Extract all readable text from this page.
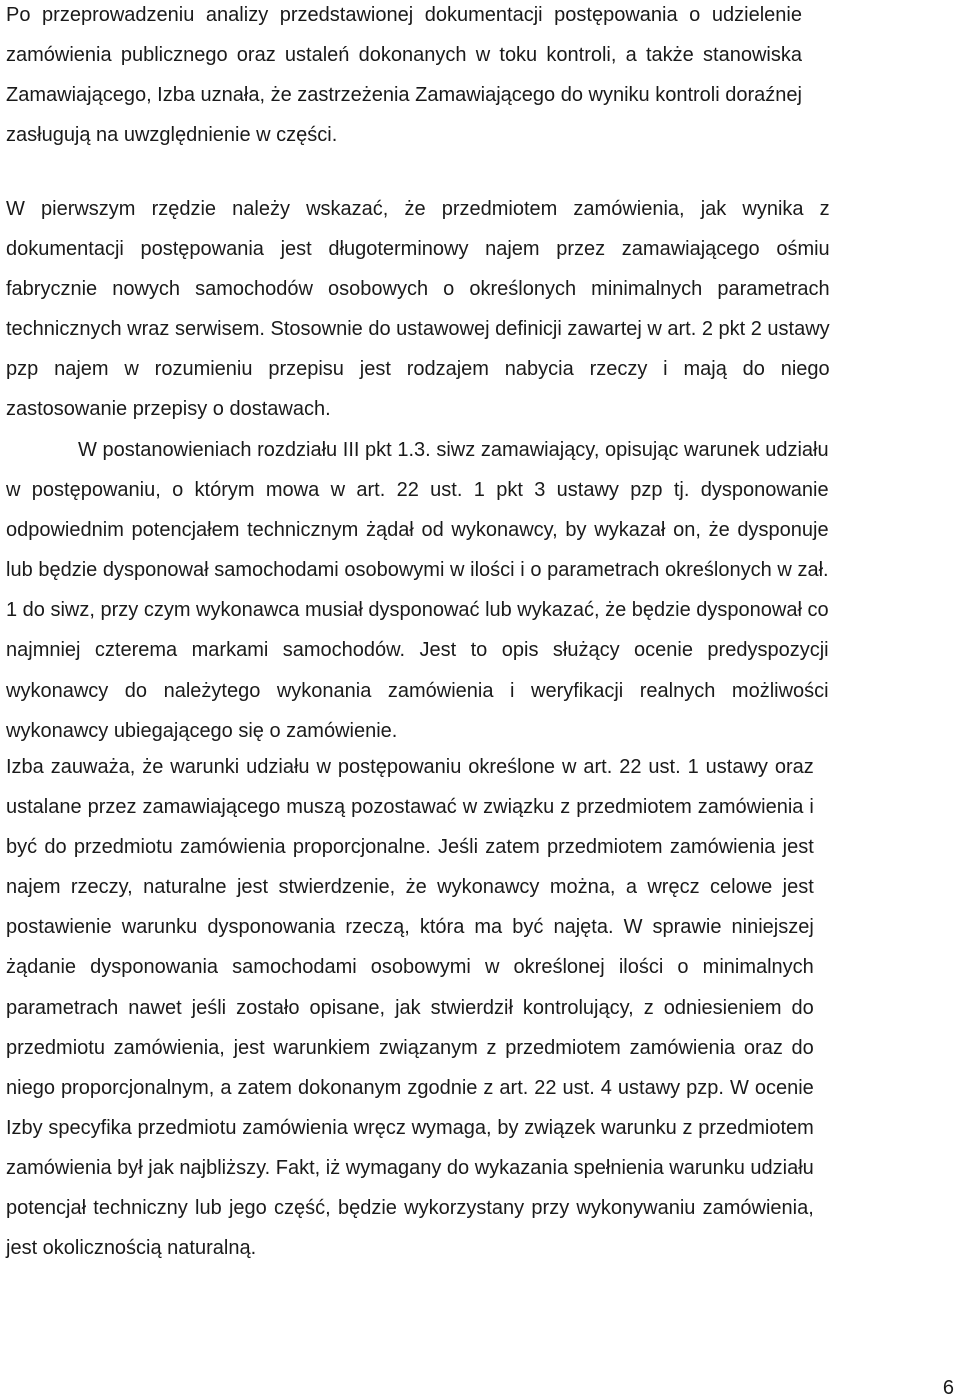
Po przeprowadzeniu analizy przedstawionej dokumentacji postępowania o udzielenie
zamówienia publicznego oraz ustaleń dokonanych w toku kontroli, a także stanowiska
Zamawiającego, Izba uznała, że zastrzeżenia Zamawiającego do wyniku kontroli doraźnej
zasługują na uwzględnienie w części.
W pierwszym rzędzie należy wskazać, że przedmiotem zamówienia, jak wynika z
dokumentacji postępowania jest długoterminowy najem przez zamawiającego ośmiu
fabrycznie nowych samochodów osobowych o określonych minimalnych parametrach
technicznych wraz serwisem. Stosownie do ustawowej definicji zawartej w art. 2 pkt 2 ustawy
pzp najem w rozumieniu przepisu jest rodzajem nabycia rzeczy i mają do niego
zastosowanie przepisy o dostawach.
W postanowieniach rozdziału III pkt 1.3. siwz zamawiający, opisując warunek udziału
w postępowaniu, o którym mowa w art. 22 ust. 1 pkt 3 ustawy pzp tj. dysponowanie
odpowiednim potencjałem technicznym żądał od wykonawcy, by wykazał on, że dysponuje
lub będzie dysponował samochodami osobowymi w ilości i o parametrach określonych w zał.
1 do siwz, przy czym wykonawca musiał dysponować lub wykazać, że będzie dysponował co
najmniej czterema markami samochodów. Jest to opis służący ocenie predyspozycji
wykonawcy do należytego wykonania zamówienia i weryfikacji realnych możliwości
wykonawcy ubiegającego się o zamówienie.
Izba zauważa, że warunki udziału w postępowaniu określone w art. 22 ust. 1 ustawy oraz
ustalane przez zamawiającego muszą pozostawać w związku z przedmiotem zamówienia i
być do przedmiotu zamówienia proporcjonalne. Jeśli zatem przedmiotem zamówienia jest
najem rzeczy, naturalne jest stwierdzenie, że wykonawcy można, a wręcz celowe jest
postawienie warunku dysponowania rzeczą, która ma być najęta. W sprawie niniejszej
żądanie dysponowania samochodami osobowymi w określonej ilości o minimalnych
parametrach nawet jeśli zostało opisane, jak stwierdził kontrolujący, z odniesieniem do
przedmiotu zamówienia, jest warunkiem związanym z przedmiotem zamówienia oraz do
niego proporcjonalnym, a zatem dokonanym zgodnie z art. 22 ust. 4 ustawy pzp. W ocenie
Izby specyfika przedmiotu zamówienia wręcz wymaga, by związek warunku z przedmiotem
zamówienia był jak najbliższy. Fakt, iż wymagany do wykazania spełnienia warunku udziału
potencjał techniczny lub jego część, będzie wykorzystany przy wykonywaniu zamówienia,
jest okolicznością naturalną.
6
